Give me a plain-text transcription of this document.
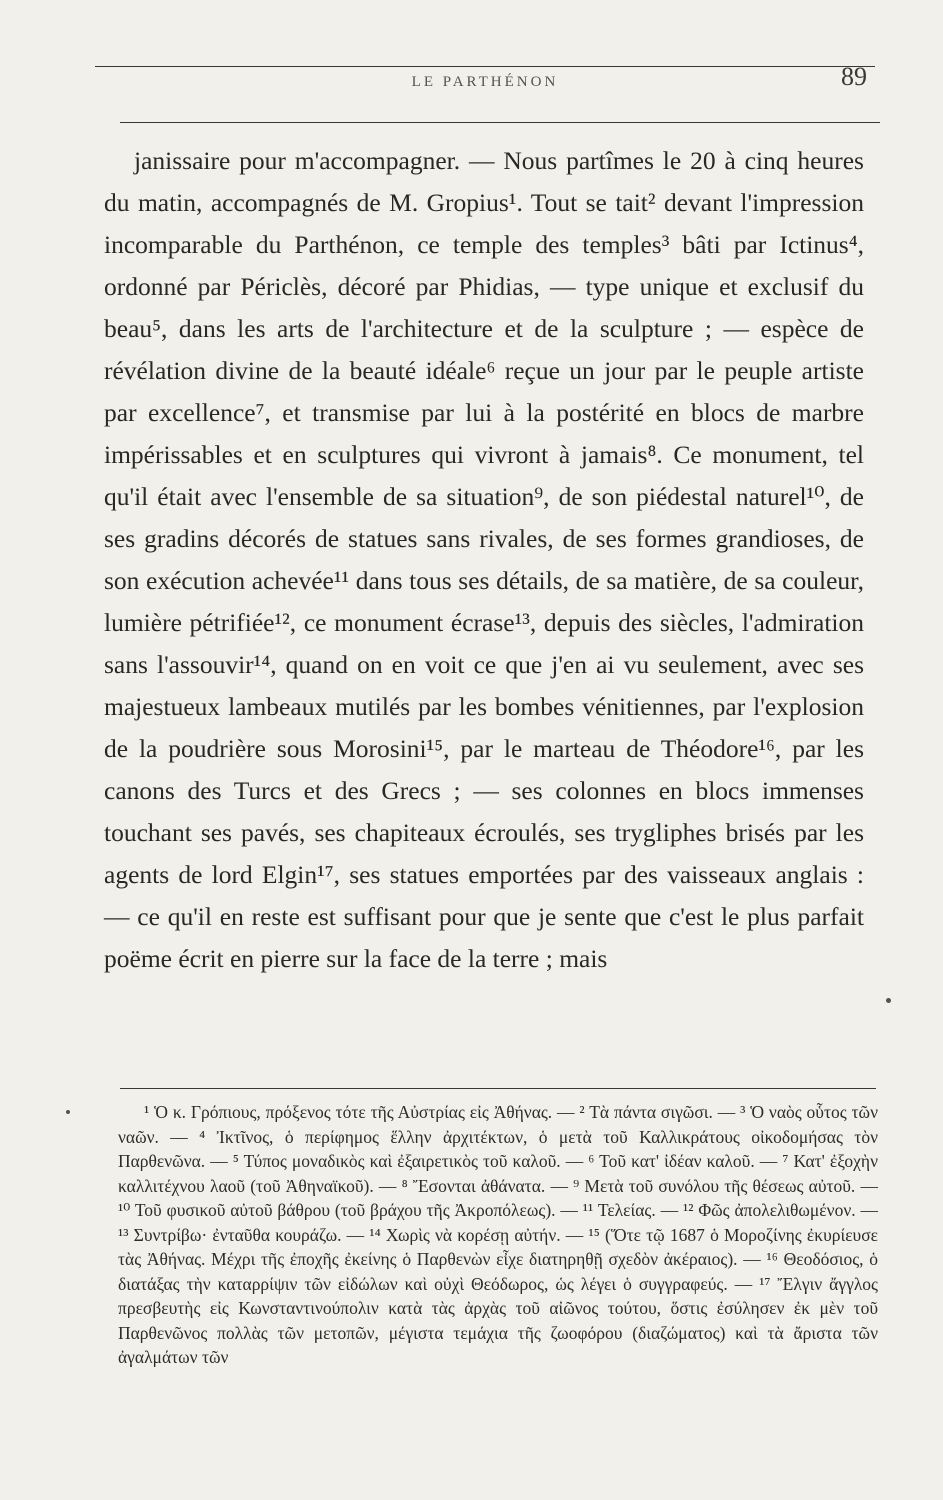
LE PARTHÉNON	89

janissaire pour m'accompagner. — Nous partîmes le 20 à cinq heures du matin, accompagnés de M. Gropius¹. Tout se tait² devant l'impression incomparable du Parthénon, ce temple des temples³ bâti par Ictinus⁴, ordonné par Périclès, décoré par Phidias, — type unique et exclusif du beau⁵, dans les arts de l'architecture et de la sculpture ; — espèce de révélation divine de la beauté idéale⁶ reçue un jour par le peuple artiste par excellence⁷, et transmise par lui à la postérité en blocs de marbre impérissables et en sculptures qui vivront à jamais⁸. Ce monument, tel qu'il était avec l'ensemble de sa situation⁹, de son piédestal naturel¹⁰, de ses gradins décorés de statues sans rivales, de ses formes grandioses, de son exécution achevée¹¹ dans tous ses détails, de sa matière, de sa couleur, lumière pétrifiée¹², ce monument écrase¹³, depuis des siècles, l'admiration sans l'assouvir¹⁴, quand on en voit ce que j'en ai vu seulement, avec ses majestueux lambeaux mutilés par les bombes vénitiennes, par l'explosion de la poudrière sous Morosini¹⁵, par le marteau de Théodore¹⁶, par les canons des Turcs et des Grecs ; — ses colonnes en blocs immenses touchant ses pavés, ses chapiteaux écroulés, ses trygliphes brisés par les agents de lord Elgin¹⁷, ses statues emportées par des vaisseaux anglais : — ce qu'il en reste est suffisant pour que je sente que c'est le plus parfait poëme écrit en pierre sur la face de la terre ; mais

¹ Ὁ κ. Γρόπιους, πρόξενος τότε τῆς Αὐστρίας εἰς Ἀθήνας. — ² Τὰ πάντα σιγῶσι. — ³ Ὁ ναὸς οὗτος τῶν ναῶν. — ⁴ Ἰκτῖνος, ὁ περίφημος ἕλλην ἀρχιτέκτων, ὁ μετὰ τοῦ Καλλικράτους οἰκοδομήσας τὸν Παρθενῶνα. — ⁵ Τύπος μοναδικὸς καὶ ἐξαιρετικὸς τοῦ καλοῦ. — ⁶ Τοῦ κατ' ἰδέαν καλοῦ. — ⁷ Κατ' ἐξοχὴν καλλιτέχνου λαοῦ (τοῦ Ἀθηναϊκοῦ). — ⁸ Ἔσονται ἀθάνατα. — ⁹ Μετὰ τοῦ συνόλου τῆς θέσεως αὐτοῦ. — ¹⁰ Τοῦ φυσικοῦ αὐτοῦ βάθρου (τοῦ βράχου τῆς Ἀκροπόλεως). — ¹¹ Τελείας. — ¹² Φῶς ἀπολελιθωμένον. — ¹³ Συντρίβω· ἐνταῦθα κουράζω. — ¹⁴ Χωρὶς νὰ κορέσῃ αὐτήν. — ¹⁵ (Ὅτε τῷ 1687 ὁ Μοροζίνης ἐκυρίευσε τὰς Ἀθήνας. Μέχρι τῆς ἐποχῆς ἐκείνης ὁ Παρθενὼν εἶχε διατηρηθῇ σχεδὸν ἀκέραιος). — ¹⁶ Θεοδόσιος, ὁ διατάξας τὴν καταρρίψιν τῶν εἰδώλων καὶ οὐχὶ Θεόδωρος, ὡς λέγει ὁ συγγραφεύς. — ¹⁷ Ἔλγιν ἄγγλος πρεσβευτὴς εἰς Κωνσταντινούπολιν κατὰ τὰς ἀρχὰς τοῦ αἰῶνος τούτου, ὅστις ἐσύλησεν ἐκ μὲν τοῦ Παρθενῶνος πολλὰς τῶν μετοπῶν, μέγιστα τεμάχια τῆς ζωοφόρου (διαζώματος) καὶ τὰ ἄριστα τῶν ἀγαλμάτων τῶν
